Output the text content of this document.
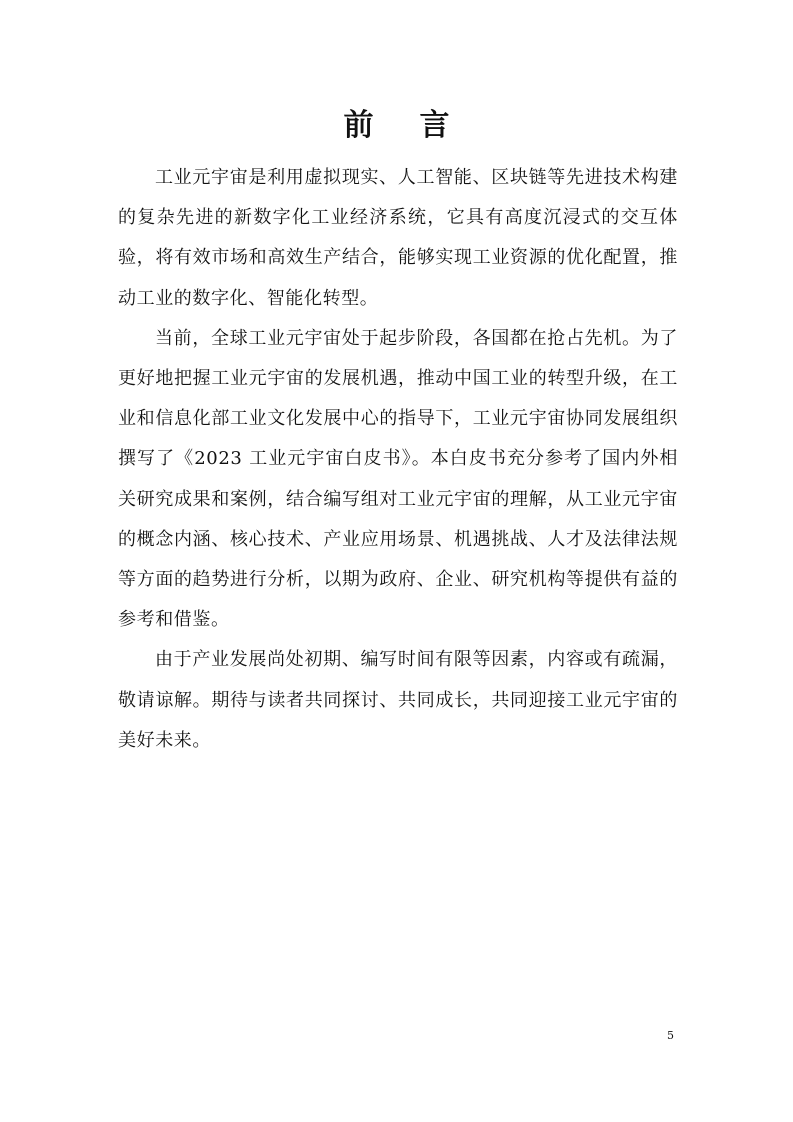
前言

工业元宇宙是利用虚拟现实、人工智能、区块链等先进技术构建的复杂先进的新数字化工业经济系统，它具有高度沉浸式的交互体验，将有效市场和高效生产结合，能够实现工业资源的优化配置，推动工业的数字化、智能化转型。

当前，全球工业元宇宙处于起步阶段，各国都在抢占先机。为了更好地把握工业元宇宙的发展机遇，推动中国工业的转型升级，在工业和信息化部工业文化发展中心的指导下，工业元宇宙协同发展组织撰写了《2023 工业元宇宙白皮书》。本白皮书充分参考了国内外相关研究成果和案例，结合编写组对工业元宇宙的理解，从工业元宇宙的概念内涵、核心技术、产业应用场景、机遇挑战、人才及法律法规等方面的趋势进行分析，以期为政府、企业、研究机构等提供有益的参考和借鉴。

由于产业发展尚处初期、编写时间有限等因素，内容或有疏漏，敬请谅解。期待与读者共同探讨、共同成长，共同迎接工业元宇宙的美好未来。

5
